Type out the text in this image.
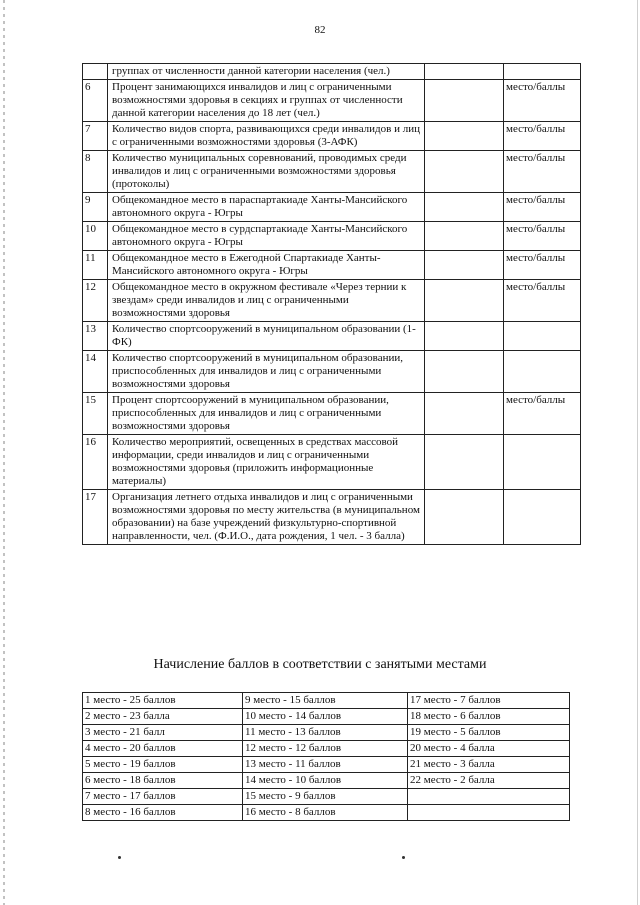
82
	группах от численности данной категории населения (чел.)		
6	Процент занимающихся инвалидов и лиц с ограниченными возможностями здоровья в секциях и группах от численности данной категории населения до 18 лет (чел.)		место/баллы
7	Количество видов спорта, развивающихся среди инвалидов и лиц с ограниченными возможностями здоровья (3-АФК)		место/баллы
8	Количество муниципальных соревнований, проводимых среди инвалидов и лиц с ограниченными возможностями здоровья (протоколы)		место/баллы
9	Общекомандное место в параспартакиаде Ханты-Мансийского автономного округа - Югры		место/баллы
10	Общекомандное место в сурдспартакиаде Ханты-Мансийского автономного округа - Югры		место/баллы
11	Общекомандное место в Ежегодной Спартакиаде Ханты-Мансийского автономного округа - Югры		место/баллы
12	Общекомандное место в окружном фестивале «Через тернии к звездам» среди инвалидов и лиц с ограниченными возможностями здоровья		место/баллы
13	Количество спортсооружений в муниципальном образовании (1-ФК)		
14	Количество спортсооружений в муниципальном образовании, приспособленных для инвалидов и лиц с ограниченными возможностями здоровья		
15	Процент спортсооружений в муниципальном образовании, приспособленных для инвалидов и лиц с ограниченными возможностями здоровья		место/баллы
16	Количество мероприятий, освещенных в средствах массовой информации, среди инвалидов и лиц с ограниченными возможностями здоровья (приложить информационные материалы)		
17	Организация летнего отдыха инвалидов и лиц с ограниченными возможностями здоровья по месту жительства (в муниципальном образовании) на базе учреждений физкультурно-спортивной направленности, чел. (Ф.И.О., дата рождения, 1 чел. - 3 балла)		
Начисление баллов в соответствии с занятыми местами
1 место - 25 баллов	9 место - 15 баллов	17 место - 7 баллов
2 место - 23 балла	10 место - 14 баллов	18 место - 6 баллов
3 место - 21 балл	11 место - 13 баллов	19 место - 5 баллов
4 место - 20 баллов	12 место - 12 баллов	20 место - 4 балла
5 место - 19 баллов	13 место - 11 баллов	21 место - 3 балла
6 место - 18 баллов	14 место - 10 баллов	22 место - 2 балла
7 место - 17 баллов	15 место - 9 баллов	
8 место - 16 баллов	16 место - 8 баллов	
